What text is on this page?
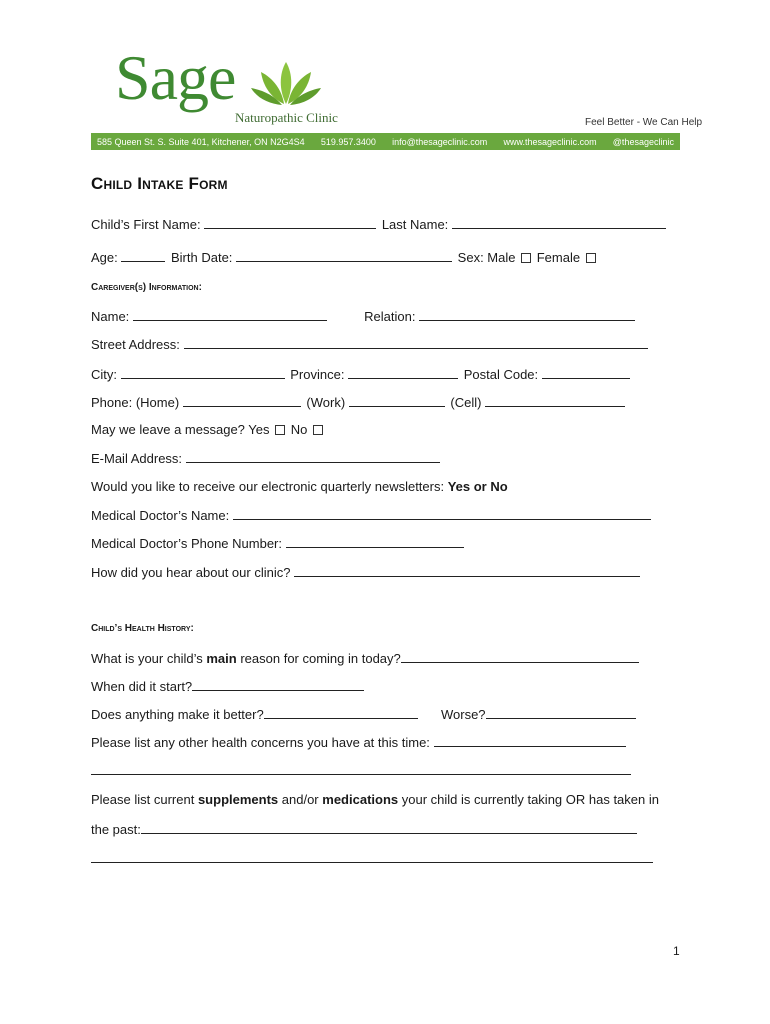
Sage
Naturopathic Clinic	Feel Better - We Can Help
585 Queen St. S. Suite 401, Kitchener, ON N2G4S4 519.957.3400 info@thesageclinic.com www.thesageclinic.com @thesageclinic
Child Intake Form
Child’s First Name:	Last Name:
Age:	Birth Date:	Sex: Male Female
Caregiver(s) Information:
Name:	Relation:
Street Address:
City:	Province:	Postal Code:
Phone: (Home)	(Work)	(Cell)
May we leave a message? Yes No
E-Mail Address:
Would you like to receive our electronic quarterly newsletters: Yes or No
Medical Doctor’s Name:
Medical Doctor’s Phone Number:
How did you hear about our clinic?
Child’s Health History:
What is your child’s main reason for coming in today?
When did it start?
Does anything make it better?	Worse?
Please list any other health concerns you have at this time:
Please list current supplements and/or medications your child is currently taking OR has taken in
the past:
1
